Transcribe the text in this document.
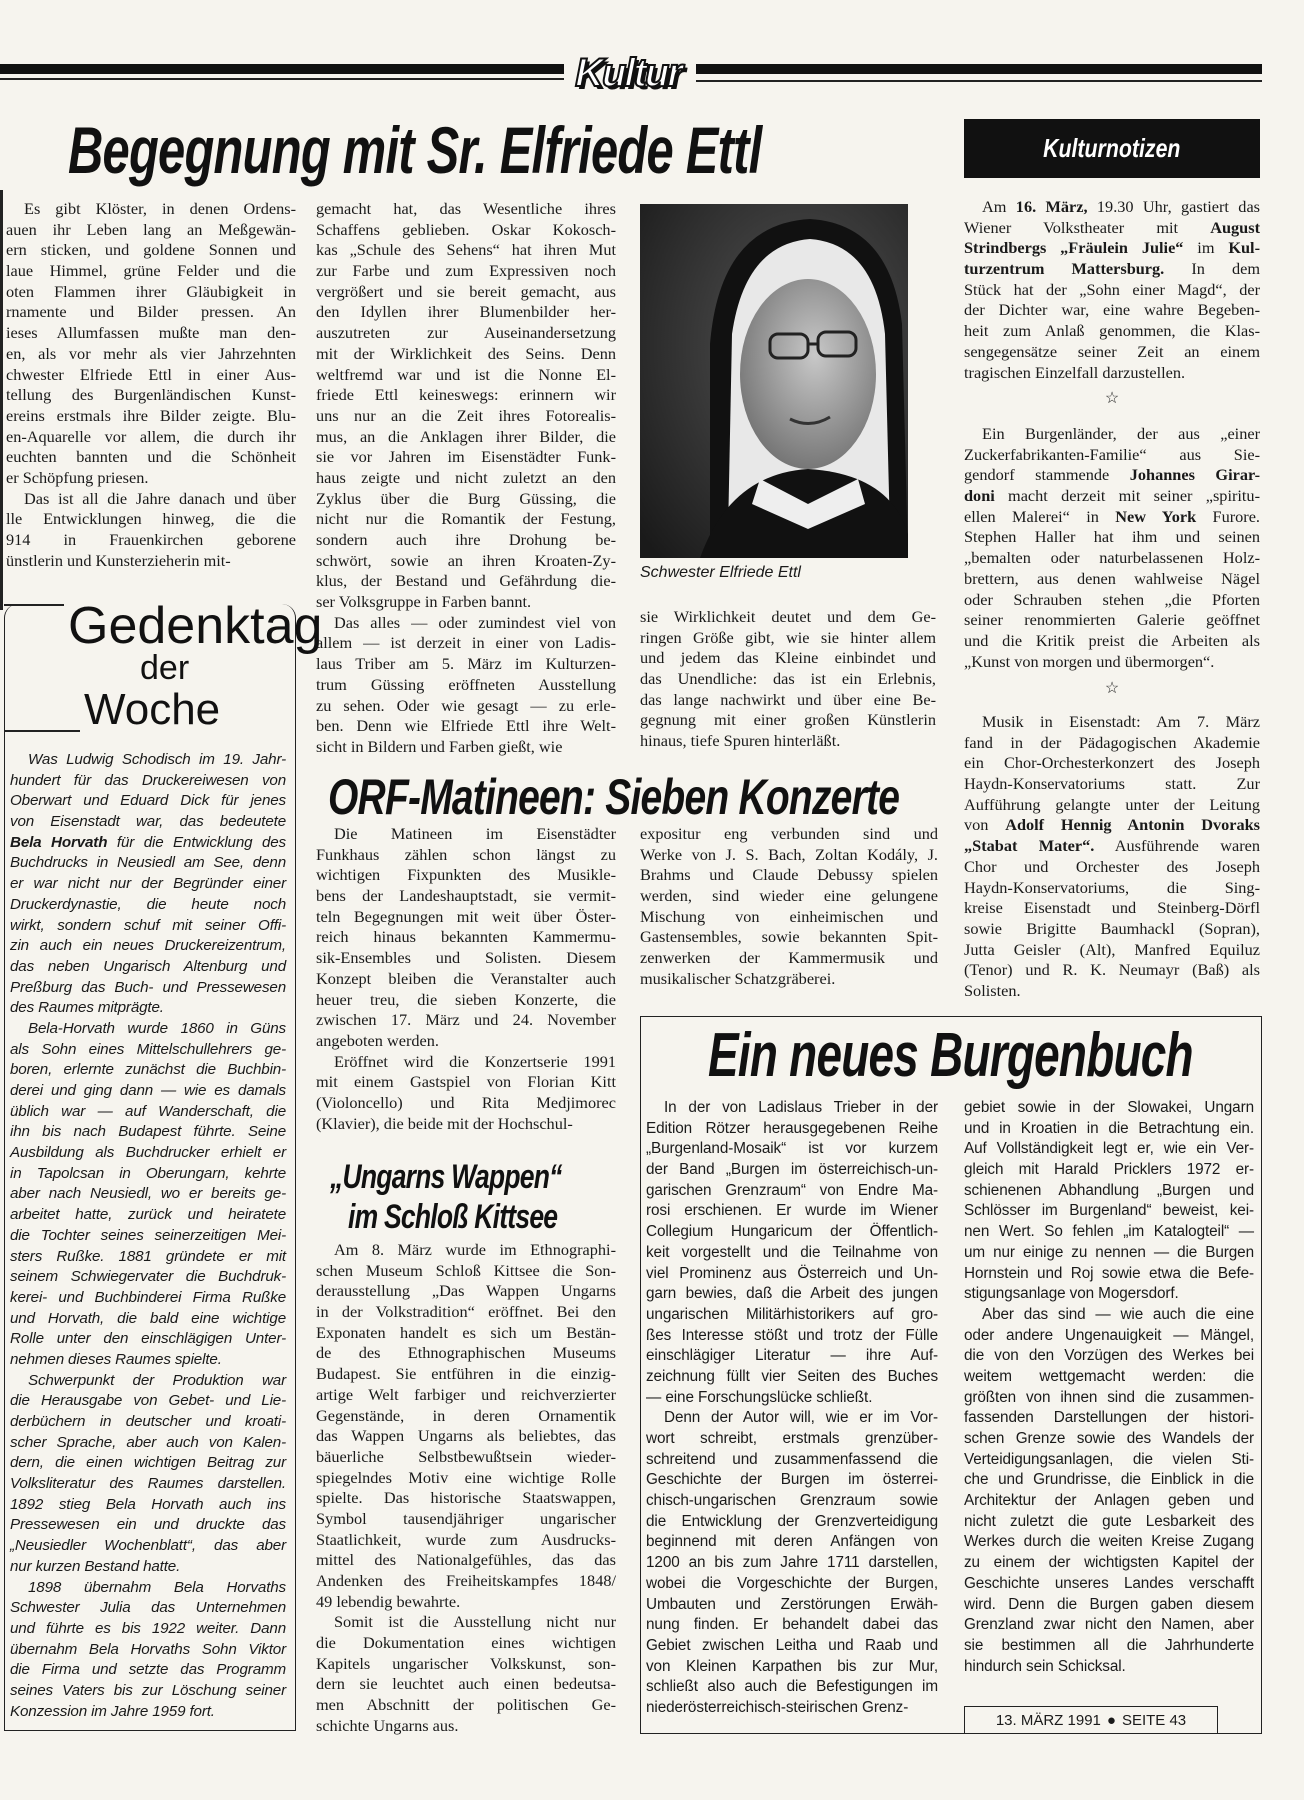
Kultur
Begegnung mit Sr. Elfriede Ettl	Kulturnotizen
Es gibt Klöster, in denen Ordens-
auen ihr Leben lang an Meßgewän-
ern sticken, und goldene Sonnen und
laue Himmel, grüne Felder und die
oten Flammen ihrer Gläubigkeit in
rnamente und Bilder pressen. An
ieses Allumfassen mußte man den-
en, als vor mehr als vier Jahrzehnten
chwester Elfriede Ettl in einer Aus-
tellung des Burgenländischen Kunst-
ereins erstmals ihre Bilder zeigte. Blu-
en-Aquarelle vor allem, die durch ihr
euchten bannten und die Schönheit
er Schöpfung priesen.
Das ist all die Jahre danach und über
lle Entwicklungen hinweg, die die
914 in Frauenkirchen geborene
ünstlerin und Kunsterzieherin mit-
gemacht hat, das Wesentliche ihres
Schaffens geblieben. Oskar Kokosch-
kas „Schule des Sehens“ hat ihren Mut
zur Farbe und zum Expressiven noch
vergrößert und sie bereit gemacht, aus
den Idyllen ihrer Blumenbilder her-
auszutreten zur Auseinandersetzung
mit der Wirklichkeit des Seins. Denn
weltfremd war und ist die Nonne El-
friede Ettl keineswegs: erinnern wir
uns nur an die Zeit ihres Fotorealis-
mus, an die Anklagen ihrer Bilder, die
sie vor Jahren im Eisenstädter Funk-
haus zeigte und nicht zuletzt an den
Zyklus über die Burg Güssing, die
nicht nur die Romantik der Festung,
sondern auch ihre Drohung be-
schwört, sowie an ihren Kroaten-Zy-
klus, der Bestand und Gefährdung die-
ser Volksgruppe in Farben bannt.
Das alles — oder zumindest viel von
allem — ist derzeit in einer von Ladis-
laus Triber am 5. März im Kulturzen-
trum Güssing eröffneten Ausstellung
zu sehen. Oder wie gesagt — zu erle-
ben. Denn wie Elfriede Ettl ihre Welt-
sicht in Bildern und Farben gießt, wie
Schwester Elfriede Ettl
sie Wirklichkeit deutet und dem Ge-
ringen Größe gibt, wie sie hinter allem
und jedem das Kleine einbindet und
das Unendliche: das ist ein Erlebnis,
das lange nachwirkt und über eine Be-
gegnung mit einer großen Künstlerin
hinaus, tiefe Spuren hinterläßt.
Am 16. März, 19.30 Uhr, gastiert das
Wiener Volkstheater mit August
Strindbergs „Fräulein Julie“ im Kul-
turzentrum Mattersburg. In dem
Stück hat der „Sohn einer Magd“, der
der Dichter war, eine wahre Begeben-
heit zum Anlaß genommen, die Klas-
sengegensätze seiner Zeit an einem
tragischen Einzelfall darzustellen.
☆
Ein Burgenländer, der aus „einer
Zuckerfabrikanten-Familie“ aus Sie-
gendorf stammende Johannes Girar-
doni macht derzeit mit seiner „spiritu-
ellen Malerei“ in New York Furore.
Stephen Haller hat ihm und seinen
„bemalten oder naturbelassenen Holz-
brettern, aus denen wahlweise Nägel
oder Schrauben stehen „die Pforten
seiner renommierten Galerie geöffnet
und die Kritik preist die Arbeiten als
„Kunst von morgen und übermorgen“.
☆
Musik in Eisenstadt: Am 7. März
fand in der Pädagogischen Akademie
ein Chor-Orchesterkonzert des Joseph
Haydn-Konservatoriums statt. Zur
Aufführung gelangte unter der Leitung
von Adolf Hennig Antonin Dvoraks
„Stabat Mater“. Ausführende waren
Chor und Orchester des Joseph
Haydn-Konservatoriums, die Sing-
kreise Eisenstadt und Steinberg-Dörfl
sowie Brigitte Baumhackl (Sopran),
Jutta Geisler (Alt), Manfred Equiluz
(Tenor) und R. K. Neumayr (Baß) als
Solisten.
Gedenktag
der
Woche
Was Ludwig Schodisch im 19. Jahr-
hundert für das Druckereiwesen von
Oberwart und Eduard Dick für jenes
von Eisenstadt war, das bedeutete
Bela Horvath für die Entwicklung des
Buchdrucks in Neusiedl am See, denn
er war nicht nur der Begründer einer
Druckerdynastie, die heute noch
wirkt, sondern schuf mit seiner Offi-
zin auch ein neues Druckereizentrum,
das neben Ungarisch Altenburg und
Preßburg das Buch- und Pressewesen
des Raumes mitprägte.
Bela-Horvath wurde 1860 in Güns
als Sohn eines Mittelschullehrers ge-
boren, erlernte zunächst die Buchbin-
derei und ging dann — wie es damals
üblich war — auf Wanderschaft, die
ihn bis nach Budapest führte. Seine
Ausbildung als Buchdrucker erhielt er
in Tapolcsan in Oberungarn, kehrte
aber nach Neusiedl, wo er bereits ge-
arbeitet hatte, zurück und heiratete
die Tochter seines seinerzeitigen Mei-
sters Rußke. 1881 gründete er mit
seinem Schwiegervater die Buchdruk-
kerei- und Buchbinderei Firma Rußke
und Horvath, die bald eine wichtige
Rolle unter den einschlägigen Unter-
nehmen dieses Raumes spielte.
Schwerpunkt der Produktion war
die Herausgabe von Gebet- und Lie-
derbüchern in deutscher und kroati-
scher Sprache, aber auch von Kalen-
dern, die einen wichtigen Beitrag zur
Volksliteratur des Raumes darstellen.
1892 stieg Bela Horvath auch ins
Pressewesen ein und druckte das
„Neusiedler Wochenblatt“, das aber
nur kurzen Bestand hatte.
1898 übernahm Bela Horvaths
Schwester Julia das Unternehmen
und führte es bis 1922 weiter. Dann
übernahm Bela Horvaths Sohn Viktor
die Firma und setzte das Programm
seines Vaters bis zur Löschung seiner
Konzession im Jahre 1959 fort.
ORF-Matineen: Sieben Konzerte
Die Matineen im Eisenstädter
Funkhaus zählen schon längst zu
wichtigen Fixpunkten des Musikle-
bens der Landeshauptstadt, sie vermit-
teln Begegnungen mit weit über Öster-
reich hinaus bekannten Kammermu-
sik-Ensembles und Solisten. Diesem
Konzept bleiben die Veranstalter auch
heuer treu, die sieben Konzerte, die
zwischen 17. März und 24. November
angeboten werden.
Eröffnet wird die Konzertserie 1991
mit einem Gastspiel von Florian Kitt
(Violoncello) und Rita Medjimorec
(Klavier), die beide mit der Hochschul-
expositur eng verbunden sind und
Werke von J. S. Bach, Zoltan Kodály, J.
Brahms und Claude Debussy spielen
werden, sind wieder eine gelungene
Mischung von einheimischen und
Gastensembles, sowie bekannten Spit-
zenwerken der Kammermusik und
musikalischer Schatzgräberei.
„Ungarns Wappen“
im Schloß Kittsee
Am 8. März wurde im Ethnographi-
schen Museum Schloß Kittsee die Son-
derausstellung „Das Wappen Ungarns
in der Volkstradition“ eröffnet. Bei den
Exponaten handelt es sich um Bestän-
de des Ethnographischen Museums
Budapest. Sie entführen in die einzig-
artige Welt farbiger und reichverzierter
Gegenstände, in deren Ornamentik
das Wappen Ungarns als beliebtes, das
bäuerliche Selbstbewußtsein wieder-
spiegelndes Motiv eine wichtige Rolle
spielte. Das historische Staatswappen,
Symbol tausendjähriger ungarischer
Staatlichkeit, wurde zum Ausdrucks-
mittel des Nationalgefühles, das das
Andenken des Freiheitskampfes 1848/
49 lebendig bewahrte.
Somit ist die Ausstellung nicht nur
die Dokumentation eines wichtigen
Kapitels ungarischer Volkskunst, son-
dern sie leuchtet auch einen bedeutsa-
men Abschnitt der politischen Ge-
schichte Ungarns aus.
Ein neues Burgenbuch
In der von Ladislaus Trieber in der
Edition Rötzer herausgegebenen Reihe
„Burgenland-Mosaik“ ist vor kurzem
der Band „Burgen im österreichisch-un-
garischen Grenzraum“ von Endre Ma-
rosi erschienen. Er wurde im Wiener
Collegium Hungaricum der Öffentlich-
keit vorgestellt und die Teilnahme von
viel Prominenz aus Österreich und Un-
garn bewies, daß die Arbeit des jungen
ungarischen Militärhistorikers auf gro-
ßes Interesse stößt und trotz der Fülle
einschlägiger Literatur — ihre Auf-
zeichnung füllt vier Seiten des Buches
— eine Forschungslücke schließt.
Denn der Autor will, wie er im Vor-
wort schreibt, erstmals grenzüber-
schreitend und zusammenfassend die
Geschichte der Burgen im österrei-
chisch-ungarischen Grenzraum sowie
die Entwicklung der Grenzverteidigung
beginnend mit deren Anfängen von
1200 an bis zum Jahre 1711 darstellen,
wobei die Vorgeschichte der Burgen,
Umbauten und Zerstörungen Erwäh-
nung finden. Er behandelt dabei das
Gebiet zwischen Leitha und Raab und
von Kleinen Karpathen bis zur Mur,
schließt also auch die Befestigungen im
niederösterreichisch-steirischen Grenz-
gebiet sowie in der Slowakei, Ungarn
und in Kroatien in die Betrachtung ein.
Auf Vollständigkeit legt er, wie ein Ver-
gleich mit Harald Pricklers 1972 er-
schienenen Abhandlung „Burgen und
Schlösser im Burgenland“ beweist, kei-
nen Wert. So fehlen „im Katalogteil“ —
um nur einige zu nennen — die Burgen
Hornstein und Roj sowie etwa die Befe-
stigungsanlage von Mogersdorf.
Aber das sind — wie auch die eine
oder andere Ungenauigkeit — Mängel,
die von den Vorzügen des Werkes bei
weitem wettgemacht werden: die
größten von ihnen sind die zusammen-
fassenden Darstellungen der histori-
schen Grenze sowie des Wandels der
Verteidigungsanlagen, die vielen Sti-
che und Grundrisse, die Einblick in die
Architektur der Anlagen geben und
nicht zuletzt die gute Lesbarkeit des
Werkes durch die weiten Kreise Zugang
zu einem der wichtigsten Kapitel der
Geschichte unseres Landes verschafft
wird. Denn die Burgen gaben diesem
Grenzland zwar nicht den Namen, aber
sie bestimmen all die Jahrhunderte
hindurch sein Schicksal.
13. MÄRZ 1991 ● SEITE 43
